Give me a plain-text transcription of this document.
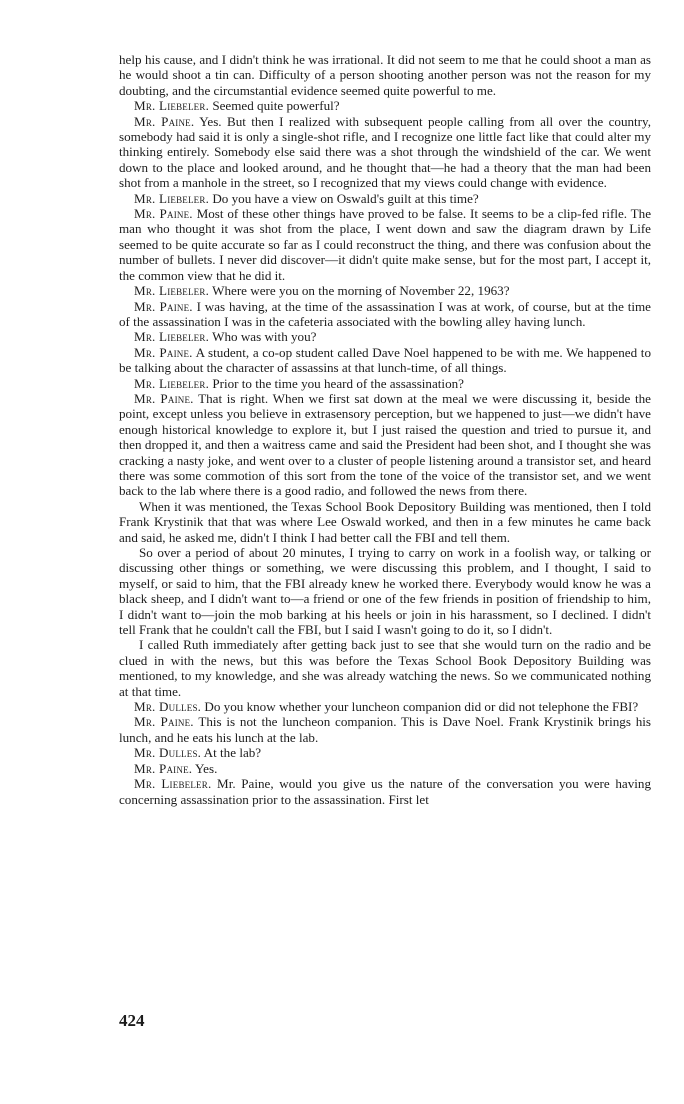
help his cause, and I didn't think he was irrational. It did not seem to me that he could shoot a man as he would shoot a tin can. Difficulty of a person shooting another person was not the reason for my doubting, and the circumstantial evidence seemed quite powerful to me.

Mr. Liebeler. Seemed quite powerful?

Mr. Paine. Yes. But then I realized with subsequent people calling from all over the country, somebody had said it is only a single-shot rifle, and I recognize one little fact like that could alter my thinking entirely. Somebody else said there was a shot through the windshield of the car. We went down to the place and looked around, and he thought that—he had a theory that the man had been shot from a manhole in the street, so I recognized that my views could change with evidence.

Mr. Liebeler. Do you have a view on Oswald's guilt at this time?

Mr. Paine. Most of these other things have proved to be false. It seems to be a clip-fed rifle. The man who thought it was shot from the place, I went down and saw the diagram drawn by Life seemed to be quite accurate so far as I could reconstruct the thing, and there was confusion about the number of bullets. I never did discover—it didn't quite make sense, but for the most part, I accept it, the common view that he did it.

Mr. Liebeler. Where were you on the morning of November 22, 1963?

Mr. Paine. I was having, at the time of the assassination I was at work, of course, but at the time of the assassination I was in the cafeteria associated with the bowling alley having lunch.

Mr. Liebeler. Who was with you?

Mr. Paine. A student, a co-op student called Dave Noel happened to be with me. We happened to be talking about the character of assassins at that lunch-time, of all things.

Mr. Liebeler. Prior to the time you heard of the assassination?

Mr. Paine. That is right. When we first sat down at the meal we were discussing it, beside the point, except unless you believe in extrasensory perception, but we happened to just—we didn't have enough historical knowledge to explore it, but I just raised the question and tried to pursue it, and then dropped it, and then a waitress came and said the President had been shot, and I thought she was cracking a nasty joke, and went over to a cluster of people listening around a transistor set, and heard there was some commotion of this sort from the tone of the voice of the transistor set, and we went back to the lab where there is a good radio, and followed the news from there.

When it was mentioned, the Texas School Book Depository Building was mentioned, then I told Frank Krystinik that that was where Lee Oswald worked, and then in a few minutes he came back and said, he asked me, didn't I think I had better call the FBI and tell them.

So over a period of about 20 minutes, I trying to carry on work in a foolish way, or talking or discussing other things or something, we were discussing this problem, and I thought, I said to myself, or said to him, that the FBI already knew he worked there. Everybody would know he was a black sheep, and I didn't want to—a friend or one of the few friends in position of friendship to him, I didn't want to—join the mob barking at his heels or join in his harassment, so I declined. I didn't tell Frank that he couldn't call the FBI, but I said I wasn't going to do it, so I didn't.

I called Ruth immediately after getting back just to see that she would turn on the radio and be clued in with the news, but this was before the Texas School Book Depository Building was mentioned, to my knowledge, and she was already watching the news. So we communicated nothing at that time.

Mr. Dulles. Do you know whether your luncheon companion did or did not telephone the FBI?

Mr. Paine. This is not the luncheon companion. This is Dave Noel. Frank Krystinik brings his lunch, and he eats his lunch at the lab.

Mr. Dulles. At the lab?

Mr. Paine. Yes.

Mr. Liebeler. Mr. Paine, would you give us the nature of the conversation you were having concerning assassination prior to the assassination. First let

424
